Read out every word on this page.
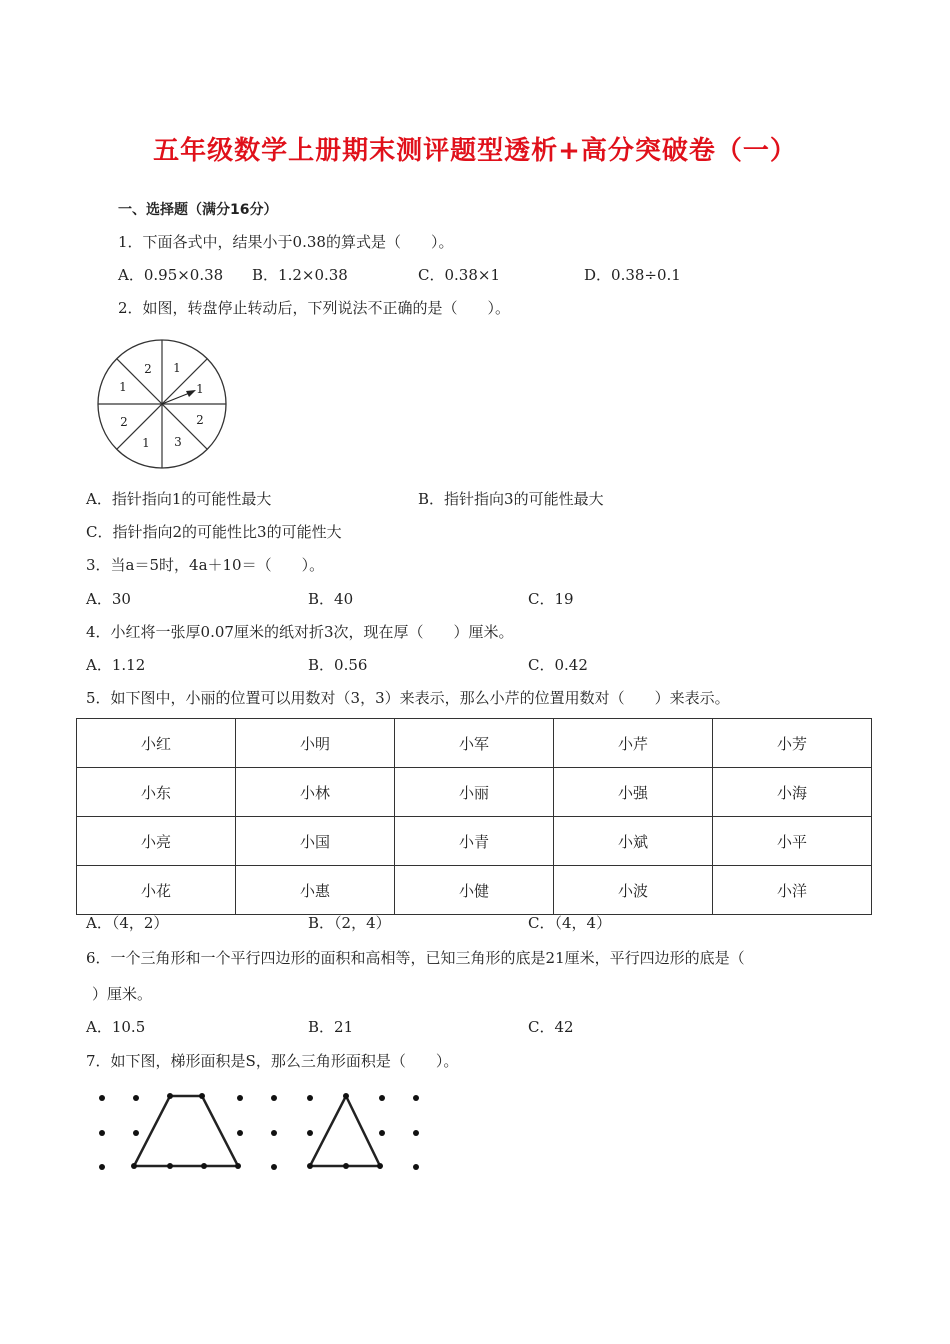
五年级数学上册期末测评题型透析+高分突破卷（一）
一、选择题（满分16分）
1．下面各式中，结果小于0.38的算式是（　　）。
A．0.95×0.38 B．1.2×0.38	C．0.38×1	D．0.38÷0.1
2．如图，转盘停止转动后，下列说法不正确的是（　　）。
1
1
2
2
3
1
2
1
A．指针指向1的可能性最大	B．指针指向3的可能性最大
C．指针指向2的可能性比3的可能性大
3．当a＝5时，4a＋10＝（　　）。
A．30	B．40	C．19
4．小红将一张厚0.07厘米的纸对折3次，现在厚（　　）厘米。
A．1.12	B．0.56	C．0.42
5．如下图中，小丽的位置可以用数对（3，3）来表示，那么小芹的位置用数对（　　）来表示。
小红	小明	小军	小芹	小芳
小东	小林	小丽	小强	小海
小亮	小国	小青	小斌	小平
小花	小惠	小健	小波	小洋
A．（4，2）	B．（2，4）	C．（4，4）
6．一个三角形和一个平行四边形的面积和高相等，已知三角形的底是21厘米，平行四边形的底是（
）厘米。
A．10.5	B．21	C．42
7．如下图，梯形面积是S，那么三角形面积是（　　）。
